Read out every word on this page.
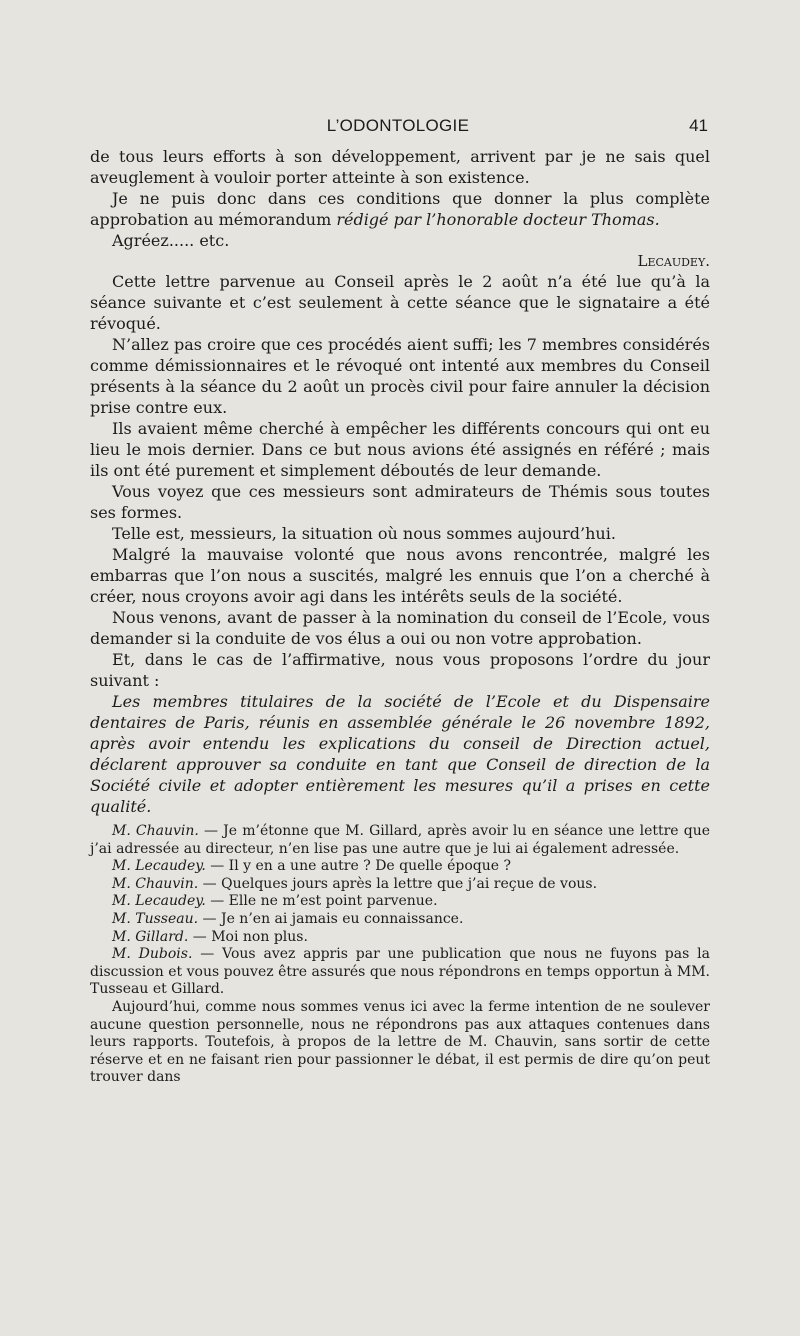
L’ODONTOLOGIE	41

de tous leurs efforts à son développement, arrivent par je ne sais quel aveuglement à vouloir porter atteinte à son existence.

Je ne puis donc dans ces conditions que donner la plus complète approbation au mémorandum rédigé par l’honorable docteur Thomas.

Agréez..... etc.

Lecaudey.

Cette lettre parvenue au Conseil après le 2 août n’a été lue qu’à la séance suivante et c’est seulement à cette séance que le signataire a été révoqué.

N’allez pas croire que ces procédés aient suffi; les 7 membres considérés comme démissionnaires et le révoqué ont intenté aux membres du Conseil présents à la séance du 2 août un procès civil pour faire annuler la décision prise contre eux.

Ils avaient même cherché à empêcher les différents concours qui ont eu lieu le mois dernier. Dans ce but nous avions été assignés en référé ; mais ils ont été purement et simplement déboutés de leur demande.

Vous voyez que ces messieurs sont admirateurs de Thémis sous toutes ses formes.

Telle est, messieurs, la situation où nous sommes aujourd’hui.

Malgré la mauvaise volonté que nous avons rencontrée, malgré les embarras que l’on nous a suscités, malgré les ennuis que l’on a cherché à créer, nous croyons avoir agi dans les intérêts seuls de la société.

Nous venons, avant de passer à la nomination du conseil de l’Ecole, vous demander si la conduite de vos élus a oui ou non votre approbation.

Et, dans le cas de l’affirmative, nous vous proposons l’ordre du jour suivant :

Les membres titulaires de la société de l’Ecole et du Dispensaire dentaires de Paris, réunis en assemblée générale le 26 novembre 1892, après avoir entendu les explications du conseil de Direction actuel, déclarent approuver sa conduite en tant que Conseil de direction de la Société civile et adopter entièrement les mesures qu’il a prises en cette qualité.

M. Chauvin. — Je m’étonne que M. Gillard, après avoir lu en séance une lettre que j’ai adressée au directeur, n’en lise pas une autre que je lui ai également adressée.

M. Lecaudey. — Il y en a une autre ? De quelle époque ?

M. Chauvin. — Quelques jours après la lettre que j’ai reçue de vous.

M. Lecaudey. — Elle ne m’est point parvenue.

M. Tusseau. — Je n’en ai jamais eu connaissance.

M. Gillard. — Moi non plus.

M. Dubois. — Vous avez appris par une publication que nous ne fuyons pas la discussion et vous pouvez être assurés que nous répondrons en temps opportun à MM. Tusseau et Gillard.

Aujourd’hui, comme nous sommes venus ici avec la ferme intention de ne soulever aucune question personnelle, nous ne répondrons pas aux attaques contenues dans leurs rapports. Toutefois, à propos de la lettre de M. Chauvin, sans sortir de cette réserve et en ne faisant rien pour passionner le débat, il est permis de dire qu’on peut trouver dans
